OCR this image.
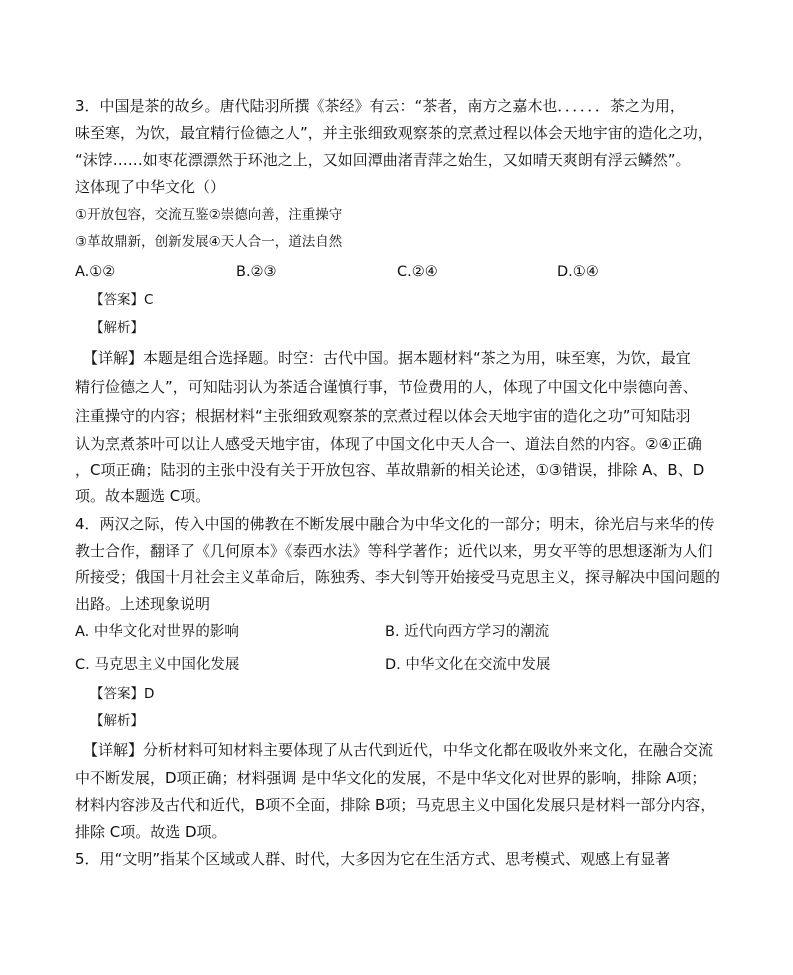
3．中国是茶的故乡。唐代陆羽所撰《茶经》有云：“茶者，南方之嘉木也．．．．．．茶之为用，
味至寒，为饮，最宜精行俭德之人”，并主张细致观察茶的烹煮过程以体会天地宇宙的造化之功，
“沫饽……如枣花漂漂然于环池之上，又如回潭曲渚青萍之始生，又如晴天爽朗有浮云鳞然”。
这体现了中华文化（）
①开放包容，交流互鉴②崇德向善，注重操守
③革故鼎新，创新发展④天人合一，道法自然
A.①②	B.②③	C.②④	D.①④
【答案】C
【解析】
【详解】本题是组合选择题。时空：古代中国。据本题材料“茶之为用，味至寒，为饮，最宜
精行俭德之人”，可知陆羽认为茶适合谨慎行事，节俭费用的人，体现了中国文化中崇德向善、
注重操守的内容；根据材料“主张细致观察茶的烹煮过程以体会天地宇宙的造化之功”可知陆羽
认为烹煮茶叶可以让人感受天地宇宙，体现了中国文化中天人合一、道法自然的内容。②④正确
，C项正确；陆羽的主张中没有关于开放包容、革故鼎新的相关论述，①③错误，排除 A、B、D
项。故本题选 C项。
4．两汉之际，传入中国的佛教在不断发展中融合为中华文化的一部分；明末，徐光启与来华的传
教士合作，翻译了《几何原本》《泰西水法》等科学著作；近代以来，男女平等的思想逐渐为人们
所接受；俄国十月社会主义革命后，陈独秀、李大钊等开始接受马克思主义，探寻解决中国问题的
出路。上述现象说明
A. 中华文化对世界的影响	B. 近代向西方学习的潮流
C. 马克思主义中国化发展	D. 中华文化在交流中发展
【答案】D
【解析】
【详解】分析材料可知材料主要体现了从古代到近代，中华文化都在吸收外来文化，在融合交流
中不断发展，D项正确；材料强调 是中华文化的发展，不是中华文化对世界的影响，排除 A项；
材料内容涉及古代和近代，B项不全面，排除 B项；马克思主义中国化发展只是材料一部分内容，
排除 C项。故选 D项。
5．用“文明”指某个区域或人群、时代，大多因为它在生活方式、思考模式、观感上有显著
